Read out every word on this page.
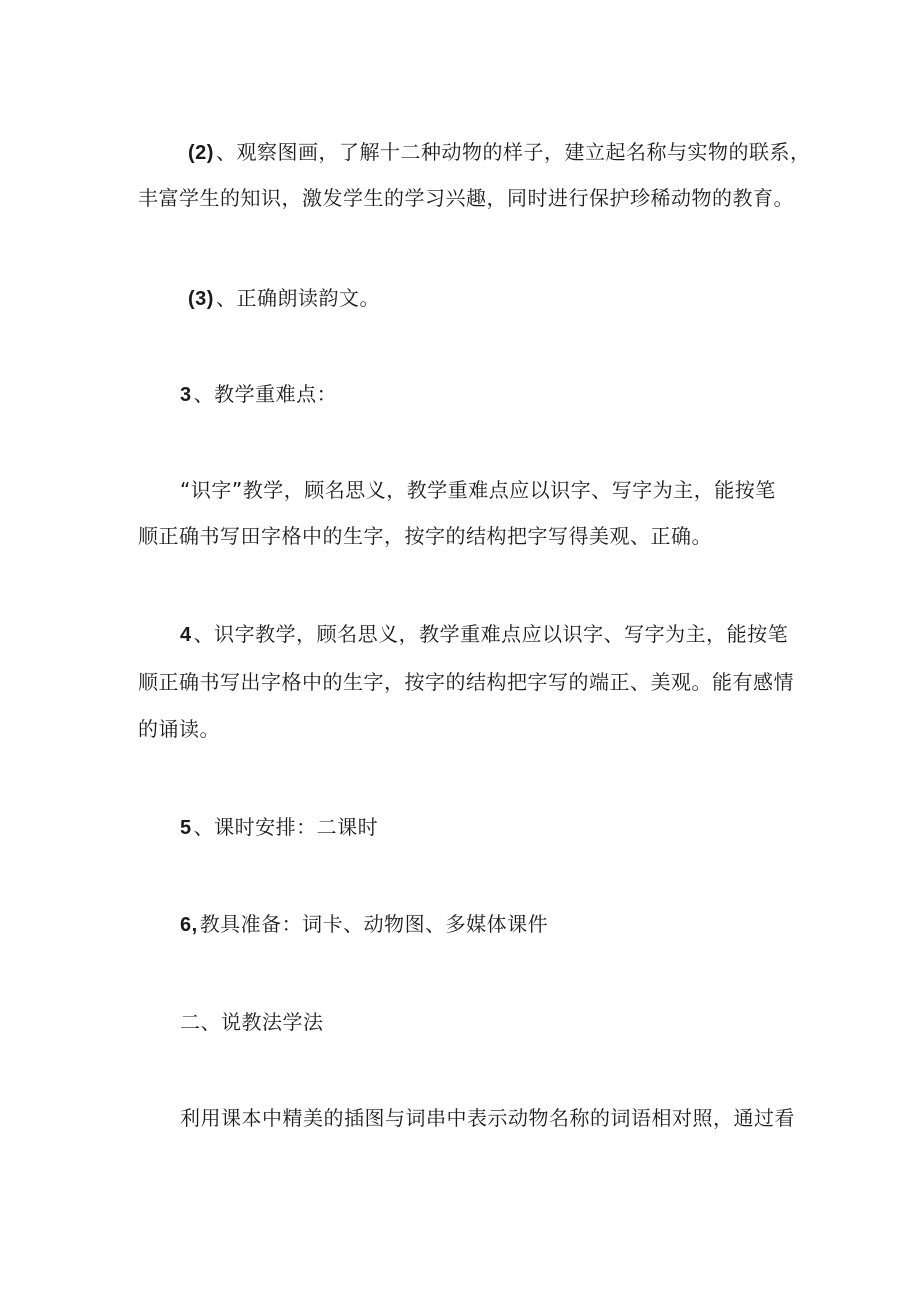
(2) 、观察图画，了解十二种动物的样子，建立起名称与实物的联系，
丰富学生的知识，激发学生的学习兴趣，同时进行保护珍稀动物的教育。
(3) 、正确朗读韵文。
3 、教学重难点：
“识字”教学，顾名思义，教学重难点应以识字、写字为主，能按笔
顺正确书写田字格中的生字，按字的结构把字写得美观、正确。
4 、识字教学，顾名思义，教学重难点应以识字、写字为主，能按笔
顺正确书写出字格中的生字，按字的结构把字写的端正、美观。能有感情
的诵读。
5 、课时安排：二课时
6, 教具准备：词卡、动物图、多媒体课件
二、说教法学法
利用课本中精美的插图与词串中表示动物名称的词语相对照，通过看
